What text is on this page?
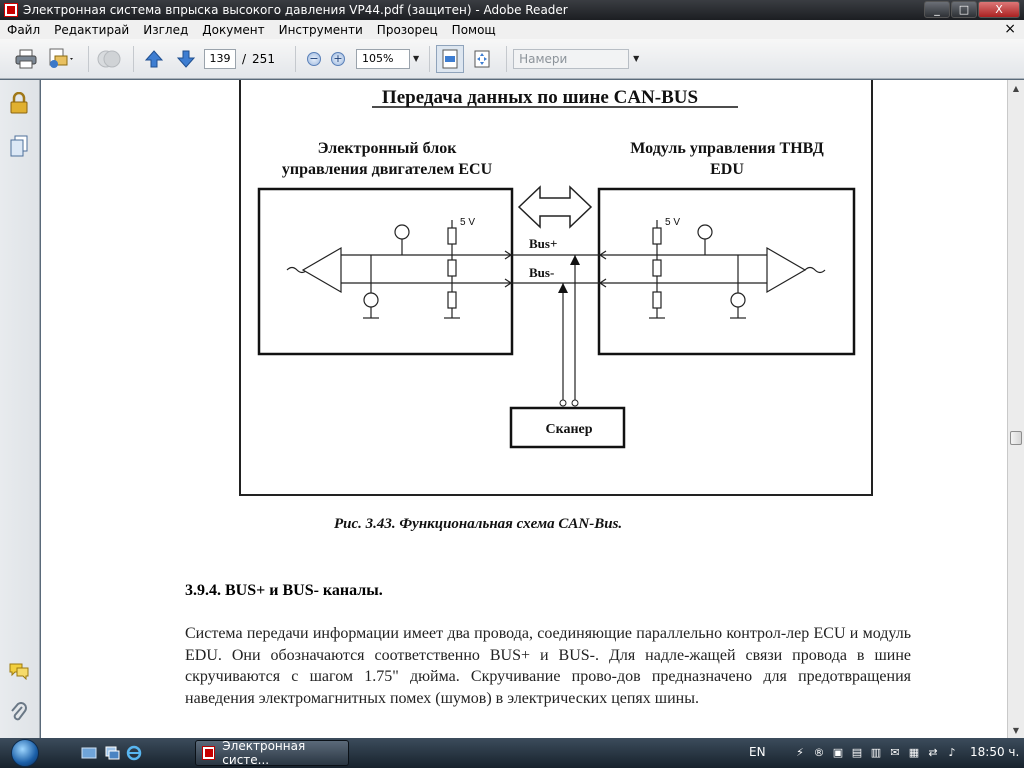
Электронная система впрыска высокого давления VP44.pdf (защитен) - Adobe Reader	_	□	X
Файл	Редактирай	Изглед	Документ	Инструменти	Прозорец	Помощ	×
139 / 251	− +	105%	▼	Намери	▼
Передача данных по шине CAN-BUS
Электронный блок
управления двигателем ECU
Модуль управления ТНВД
EDU
5 V	5 V
Bus+
Bus-
Сканер
Рис. 3.43. Функциональная схема CAN-Bus.
3.9.4. BUS+ и BUS- каналы.
Система передачи информации имеет два провода, соединяющие параллельно контрол-лер ECU и модуль EDU. Они обозначаются соответственно BUS+ и BUS-. Для надле-жащей связи провода в шине скручиваются с шагом 1.75" дюйма. Скручивание прово-дов предназначено для предотвращения наведения электромагнитных помех (шумов) в электрических цепях шины.
▲
▼
Электронная систе...
EN	⚡ ® ▣ ▤ ▥ ✉ ▦ ⇄ ♪	18:50 ч.
